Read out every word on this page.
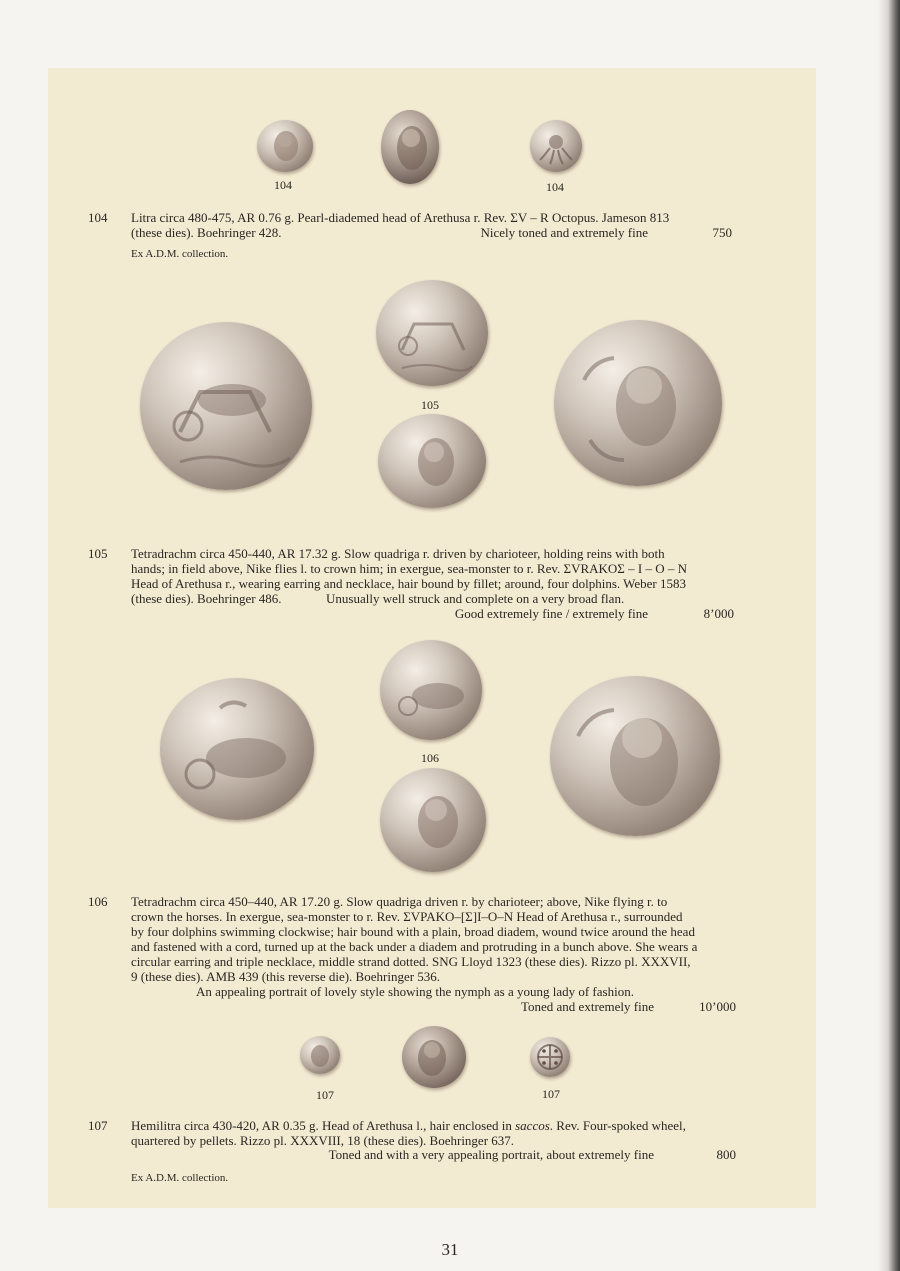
104	104
104 Litra circa 480-475, AR 0.76 g. Pearl-diademed head of Arethusa r. Rev. ΣV – R Octopus. Jameson 813

(these dies). Boehringer 428.	Nicely toned and extremely fine	750
Ex A.D.M. collection.
105
105 Tetradrachm circa 450-440, AR 17.32 g. Slow quadriga r. driven by charioteer, holding reins with both

hands; in field above, Nike flies l. to crown him; in exergue, sea-monster to r. Rev. ΣVRAKOΣ – I – O – N

Head of Arethusa r., wearing earring and necklace, hair bound by fillet; around, four dolphins. Weber 1583

(these dies). Boehringer 486.	Unusually well struck and complete on a very broad flan.

Good extremely fine / extremely fine	8’000
106
106 Tetradrachm circa 450–440, AR 17.20 g. Slow quadriga driven r. by charioteer; above, Nike flying r. to

crown the horses. In exergue, sea-monster to r. Rev. ΣVPAKO–[Σ]I–O–N Head of Arethusa r., surrounded

by four dolphins swimming clockwise; hair bound with a plain, broad diadem, wound twice around the head

and fastened with a cord, turned up at the back under a diadem and protruding in a bunch above. She wears a

circular earring and triple necklace, middle strand dotted. SNG Lloyd 1323 (these dies). Rizzo pl. XXXVII,

9 (these dies). AMB 439 (this reverse die). Boehringer 536.

An appealing portrait of lovely style showing the nymph as a young lady of fashion.

Toned and extremely fine	10’000
107	107
107 Hemilitra circa 430-420, AR 0.35 g. Head of Arethusa l., hair enclosed in saccos. Rev. Four-spoked wheel,

quartered by pellets. Rizzo pl. XXXVIII, 18 (these dies). Boehringer 637.

Toned and with a very appealing portrait, about extremely fine	800
Ex A.D.M. collection.
31
